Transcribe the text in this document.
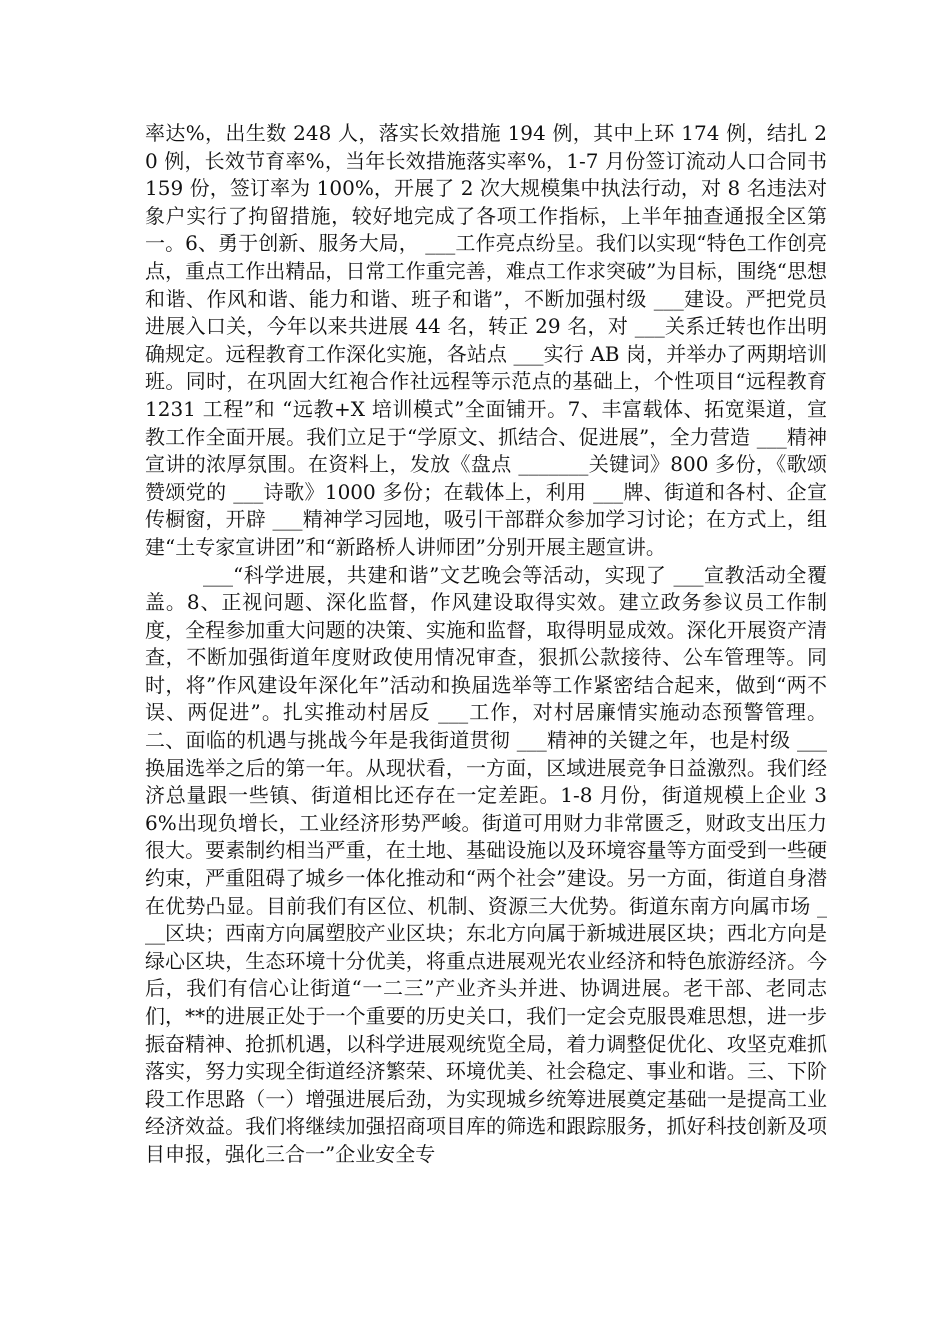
率达%，出生数 248 人，落实长效措施 194 例，其中上环 174 例，结扎 20 例，长效节育率%，当年长效措施落实率%，1-7 月份签订流动人口合同书 159 份，签订率为 100%，开展了 2 次大规模集中执法行动，对 8 名违法对象户实行了拘留措施，较好地完成了各项工作指标，上半年抽查通报全区第一。6、勇于创新、服务大局， ___工作亮点纷呈。我们以实现“特色工作创亮点，重点工作出精品，日常工作重完善，难点工作求突破”为目标，围绕“思想和谐、作风和谐、能力和谐、班子和谐”，不断加强村级 ___建设。严把党员进展入口关，今年以来共进展 44 名，转正 29 名，对 ___关系迁转也作出明确规定。远程教育工作深化实施，各站点 ___实行 AB 岗，并举办了两期培训班。同时，在巩固大红袍合作社远程等示范点的基础上，个性项目“远程教育 1231 工程”和 “远教+X 培训模式”全面铺开。7、丰富载体、拓宽渠道，宣教工作全面开展。我们立足于“学原文、抓结合、促进展”，全力营造 ___精神宣讲的浓厚氛围。在资料上，发放《盘点 _______关键词》800 多份，《歌颂赞颂党的 ___诗歌》1000 多份；在载体上，利用 ___牌、街道和各村、企宣传橱窗，开辟 ___精神学习园地，吸引干部群众参加学习讨论；在方式上，组建“土专家宣讲团”和“新路桥人讲师团”分别开展主题宣讲。

___“科学进展，共建和谐”文艺晚会等活动，实现了 ___宣教活动全覆盖。8、正视问题、深化监督，作风建设取得实效。建立政务参议员工作制度，全程参加重大问题的决策、实施和监督，取得明显成效。深化开展资产清查，不断加强街道年度财政使用情况审查，狠抓公款接待、公车管理等。同时，将”作风建设年深化年”活动和换届选举等工作紧密结合起来，做到“两不误、两促进”。扎实推动村居反 ___工作，对村居廉情实施动态预警管理。二、面临的机遇与挑战今年是我街道贯彻 ___精神的关键之年，也是村级 ___换届选举之后的第一年。从现状看，一方面，区域进展竞争日益激烈。我们经济总量跟一些镇、街道相比还存在一定差距。1-8 月份，街道规模上企业 36%出现负增长，工业经济形势严峻。街道可用财力非常匮乏，财政支出压力很大。要素制约相当严重，在土地、基础设施以及环境容量等方面受到一些硬约束，严重阻碍了城乡一体化推动和“两个社会”建设。另一方面，街道自身潜在优势凸显。目前我们有区位、机制、资源三大优势。街道东南方向属市场 ___区块；西南方向属塑胶产业区块；东北方向属于新城进展区块；西北方向是绿心区块，生态环境十分优美，将重点进展观光农业经济和特色旅游经济。今后，我们有信心让街道“一二三”产业齐头并进、协调进展。老干部、老同志们，**的进展正处于一个重要的历史关口，我们一定会克服畏难思想，进一步振奋精神、抢抓机遇，以科学进展观统览全局，着力调整促优化、攻坚克难抓落实，努力实现全街道经济繁荣、环境优美、社会稳定、事业和谐。三、下阶段工作思路（一）增强进展后劲，为实现城乡统筹进展奠定基础一是提高工业经济效益。我们将继续加强招商项目库的筛选和跟踪服务，抓好科技创新及项目申报，强化三合一”企业安全专
